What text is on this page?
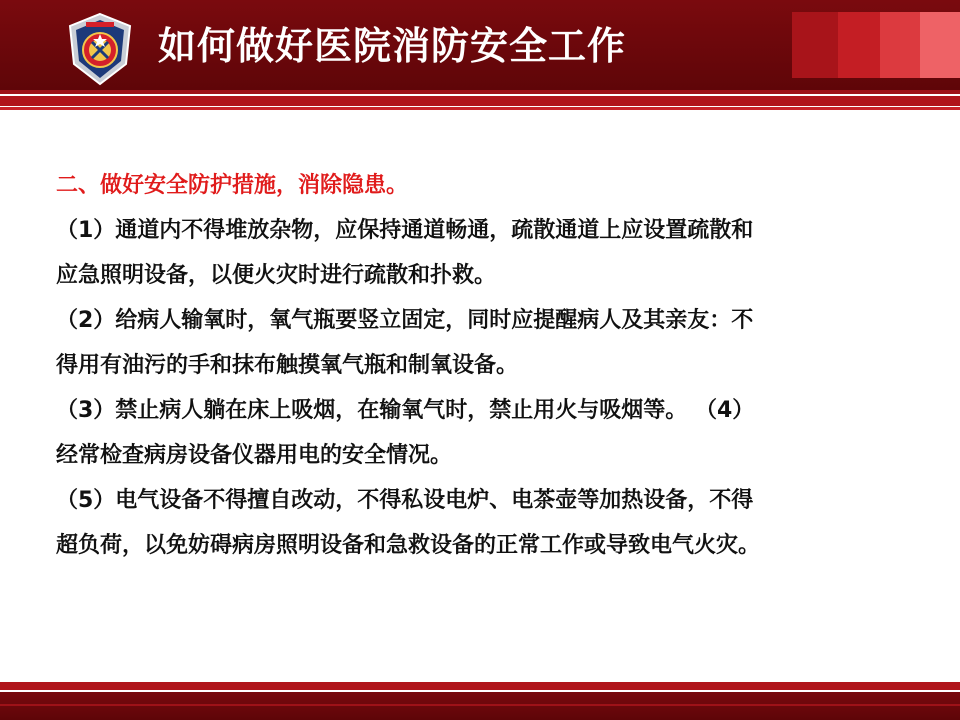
如何做好医院消防安全工作

二、做好安全防护措施，消除隐患。

（1）通道内不得堆放杂物，应保持通道畅通，疏散通道上应设置疏散和

应急照明设备，以便火灾时进行疏散和扑救。

（2）给病人输氧时，氧气瓶要竖立固定，同时应提醒病人及其亲友：不

得用有油污的手和抹布触摸氧气瓶和制氧设备。

（3）禁止病人躺在床上吸烟，在输氧气时，禁止用火与吸烟等。 （4）

经常检查病房设备仪器用电的安全情况。

（5）电气设备不得擅自改动，不得私设电炉、电茶壶等加热设备，不得

超负荷，以免妨碍病房照明设备和急救设备的正常工作或导致电气火灾。
